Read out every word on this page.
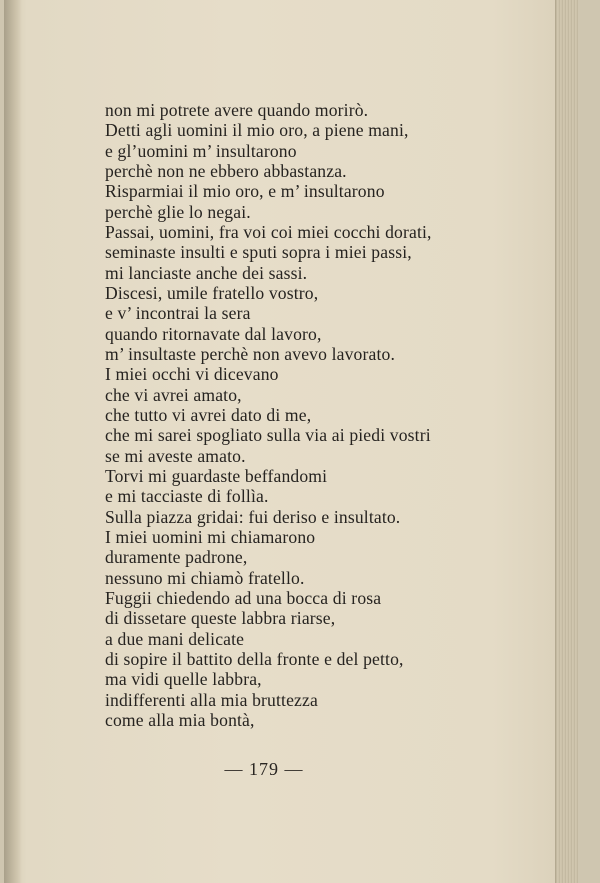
non mi potrete avere quando morirò.
Detti agli uomini il mio oro, a piene mani,
e gl’uomini m’ insultarono
perchè non ne ebbero abbastanza.
Risparmiai il mio oro, e m’ insultarono
perchè glie lo negai.
Passai, uomini, fra voi coi miei cocchi dorati,
seminaste insulti e sputi sopra i miei passi,
mi lanciaste anche dei sassi.
Discesi, umile fratello vostro,
e v’ incontrai la sera
quando ritornavate dal lavoro,
m’ insultaste perchè non avevo lavorato.
I miei occhi vi dicevano
che vi avrei amato,
che tutto vi avrei dato di me,
che mi sarei spogliato sulla via ai piedi vostri
se mi aveste amato.
Torvi mi guardaste beffandomi
e mi tacciaste di follìa.
Sulla piazza gridai: fui deriso e insultato.
I miei uomini mi chiamarono
duramente padrone,
nessuno mi chiamò fratello.
Fuggii chiedendo ad una bocca di rosa
di dissetare queste labbra riarse,
a due mani delicate
di sopire il battito della fronte e del petto,
ma vidi quelle labbra,
indifferenti alla mia bruttezza
come alla mia bontà,
— 179 —
